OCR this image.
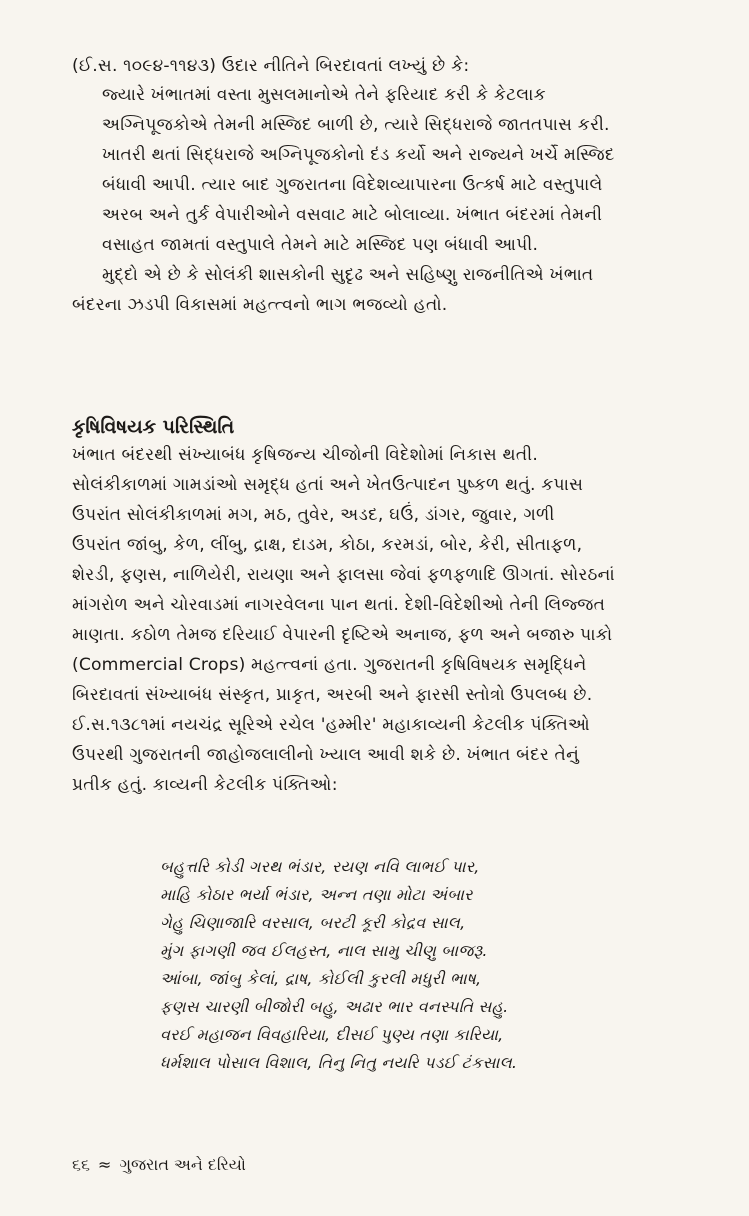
(ઈ.સ. ૧૦૯૪-૧૧૪૩) ઉદાર નીતિને બિરદાવતાં લખ્યું છે કે:
જ્યારે ખંભાતમાં વસ્તા મુસલમાનોએ તેને ફરિયાદ કરી કે કેટલાક
અગ્નિપૂજકોએ તેમની મસ્જિદ બાળી છે, ત્યારે સિદ્ધરાજે જાતતપાસ કરી.
ખાતરી થતાં સિદ્ધરાજે અગ્નિપૂજકોનો દંડ કર્યો અને રાજ્યને ખર્ચે મસ્જિદ
બંધાવી આપી. ત્યાર બાદ ગુજરાતના વિદેશવ્યાપારના ઉત્કર્ષ માટે વસ્તુપાલે
અરબ અને તુર્ક વેપારીઓને વસવાટ માટે બોલાવ્યા. ખંભાત બંદરમાં તેમની
વસાહત જામતાં વસ્તુપાલે તેમને માટે મસ્જિદ પણ બંધાવી આપી.
મુદ્દો એ છે કે સોલંકી શાસકોની સુદૃઢ અને સહિષ્ણુ રાજનીતિએ ખંભાત
બંદરના ઝડપી વિકાસમાં મહત્ત્વનો ભાગ ભજવ્યો હતો.
કૃષિવિષયક પરિસ્થિતિ
ખંભાત બંદરથી સંખ્યાબંધ કૃષિજન્ય ચીજોની વિદેશોમાં નિકાસ થતી.
સોલંકીકાળમાં ગામડાંઓ સમૃદ્ધ હતાં અને ખેતઉત્પાદન પુષ્કળ થતું. કપાસ
ઉપરાંત સોલંકીકાળમાં મગ, મઠ, તુવેર, અડદ, ઘઉં, ડાંગર, જુવાર, ગળી
ઉપરાંત જાંબુ, કેળ, લીંબુ, દ્રાક્ષ, દાડમ, કોઠા, કરમડાં, બોર, કેરી, સીતાફળ,
શેરડી, ફણસ, નાળિયેરી, રાયણા અને ફાલસા જેવાં ફળફળાદિ ઊગતાં. સોરઠનાં
માંગરોળ અને ચોરવાડમાં નાગરવેલના પાન થતાં. દેશી-વિદેશીઓ તેની લિજ્જત
માણતા. કઠોળ તેમજ દરિયાઈ વેપારની દૃષ્ટિએ અનાજ, ફળ અને બજારુ પાકો
(Commercial Crops) મહત્ત્વનાં હતા. ગુજરાતની કૃષિવિષયક સમૃદ્ધિને
બિરદાવતાં સંખ્યાબંધ સંસ્કૃત, પ્રાકૃત, અરબી અને ફારસી સ્તોત્રો ઉપલબ્ધ છે.
ઈ.સ.૧૩૮૧માં નયચંદ્ર સૂરિએ રચેલ 'હમ્મીર' મહાકાવ્યની કેટલીક પંક્તિઓ
ઉપરથી ગુજરાતની જાહોજલાલીનો ખ્યાલ આવી શકે છે. ખંભાત બંદર તેનું
પ્રતીક હતું. કાવ્યની કેટલીક પંક્તિઓ:
બહુત્તરિ કોડી ગરથ ભંડાર, રયણ નવિ લાભઈ પાર,
માહિ કોઠાર ભર્યા ભંડાર, અન્ન તણા મોટા અંબાર
ગેહુ ચિણાજારિ વરસાલ, બરટી કૂરી કોદ્રવ સાલ,
મુંગ ફાગણી જવ ઈલહસ્ત, નાલ સામુ ચીણુ બાજરૂ.
આંબા, જાંબુ કેલાં, દ્રાષ, કોઈલી કુરલી મધુરી ભાષ,
ફણસ ચારણી બીજોરી બહુ, અઢાર ભાર વનસ્પતિ સહુ.
વરઈ મહાજન વિવહારિયા, દીસઈ પુણ્ય તણા કારિયા,
ધર્મશાલ પોસાલ વિશાલ, તિનુ નિતુ નયરિ પડઈ ટંકસાલ.
૬૬ ≈ ગુજરાત અને દરિયો
